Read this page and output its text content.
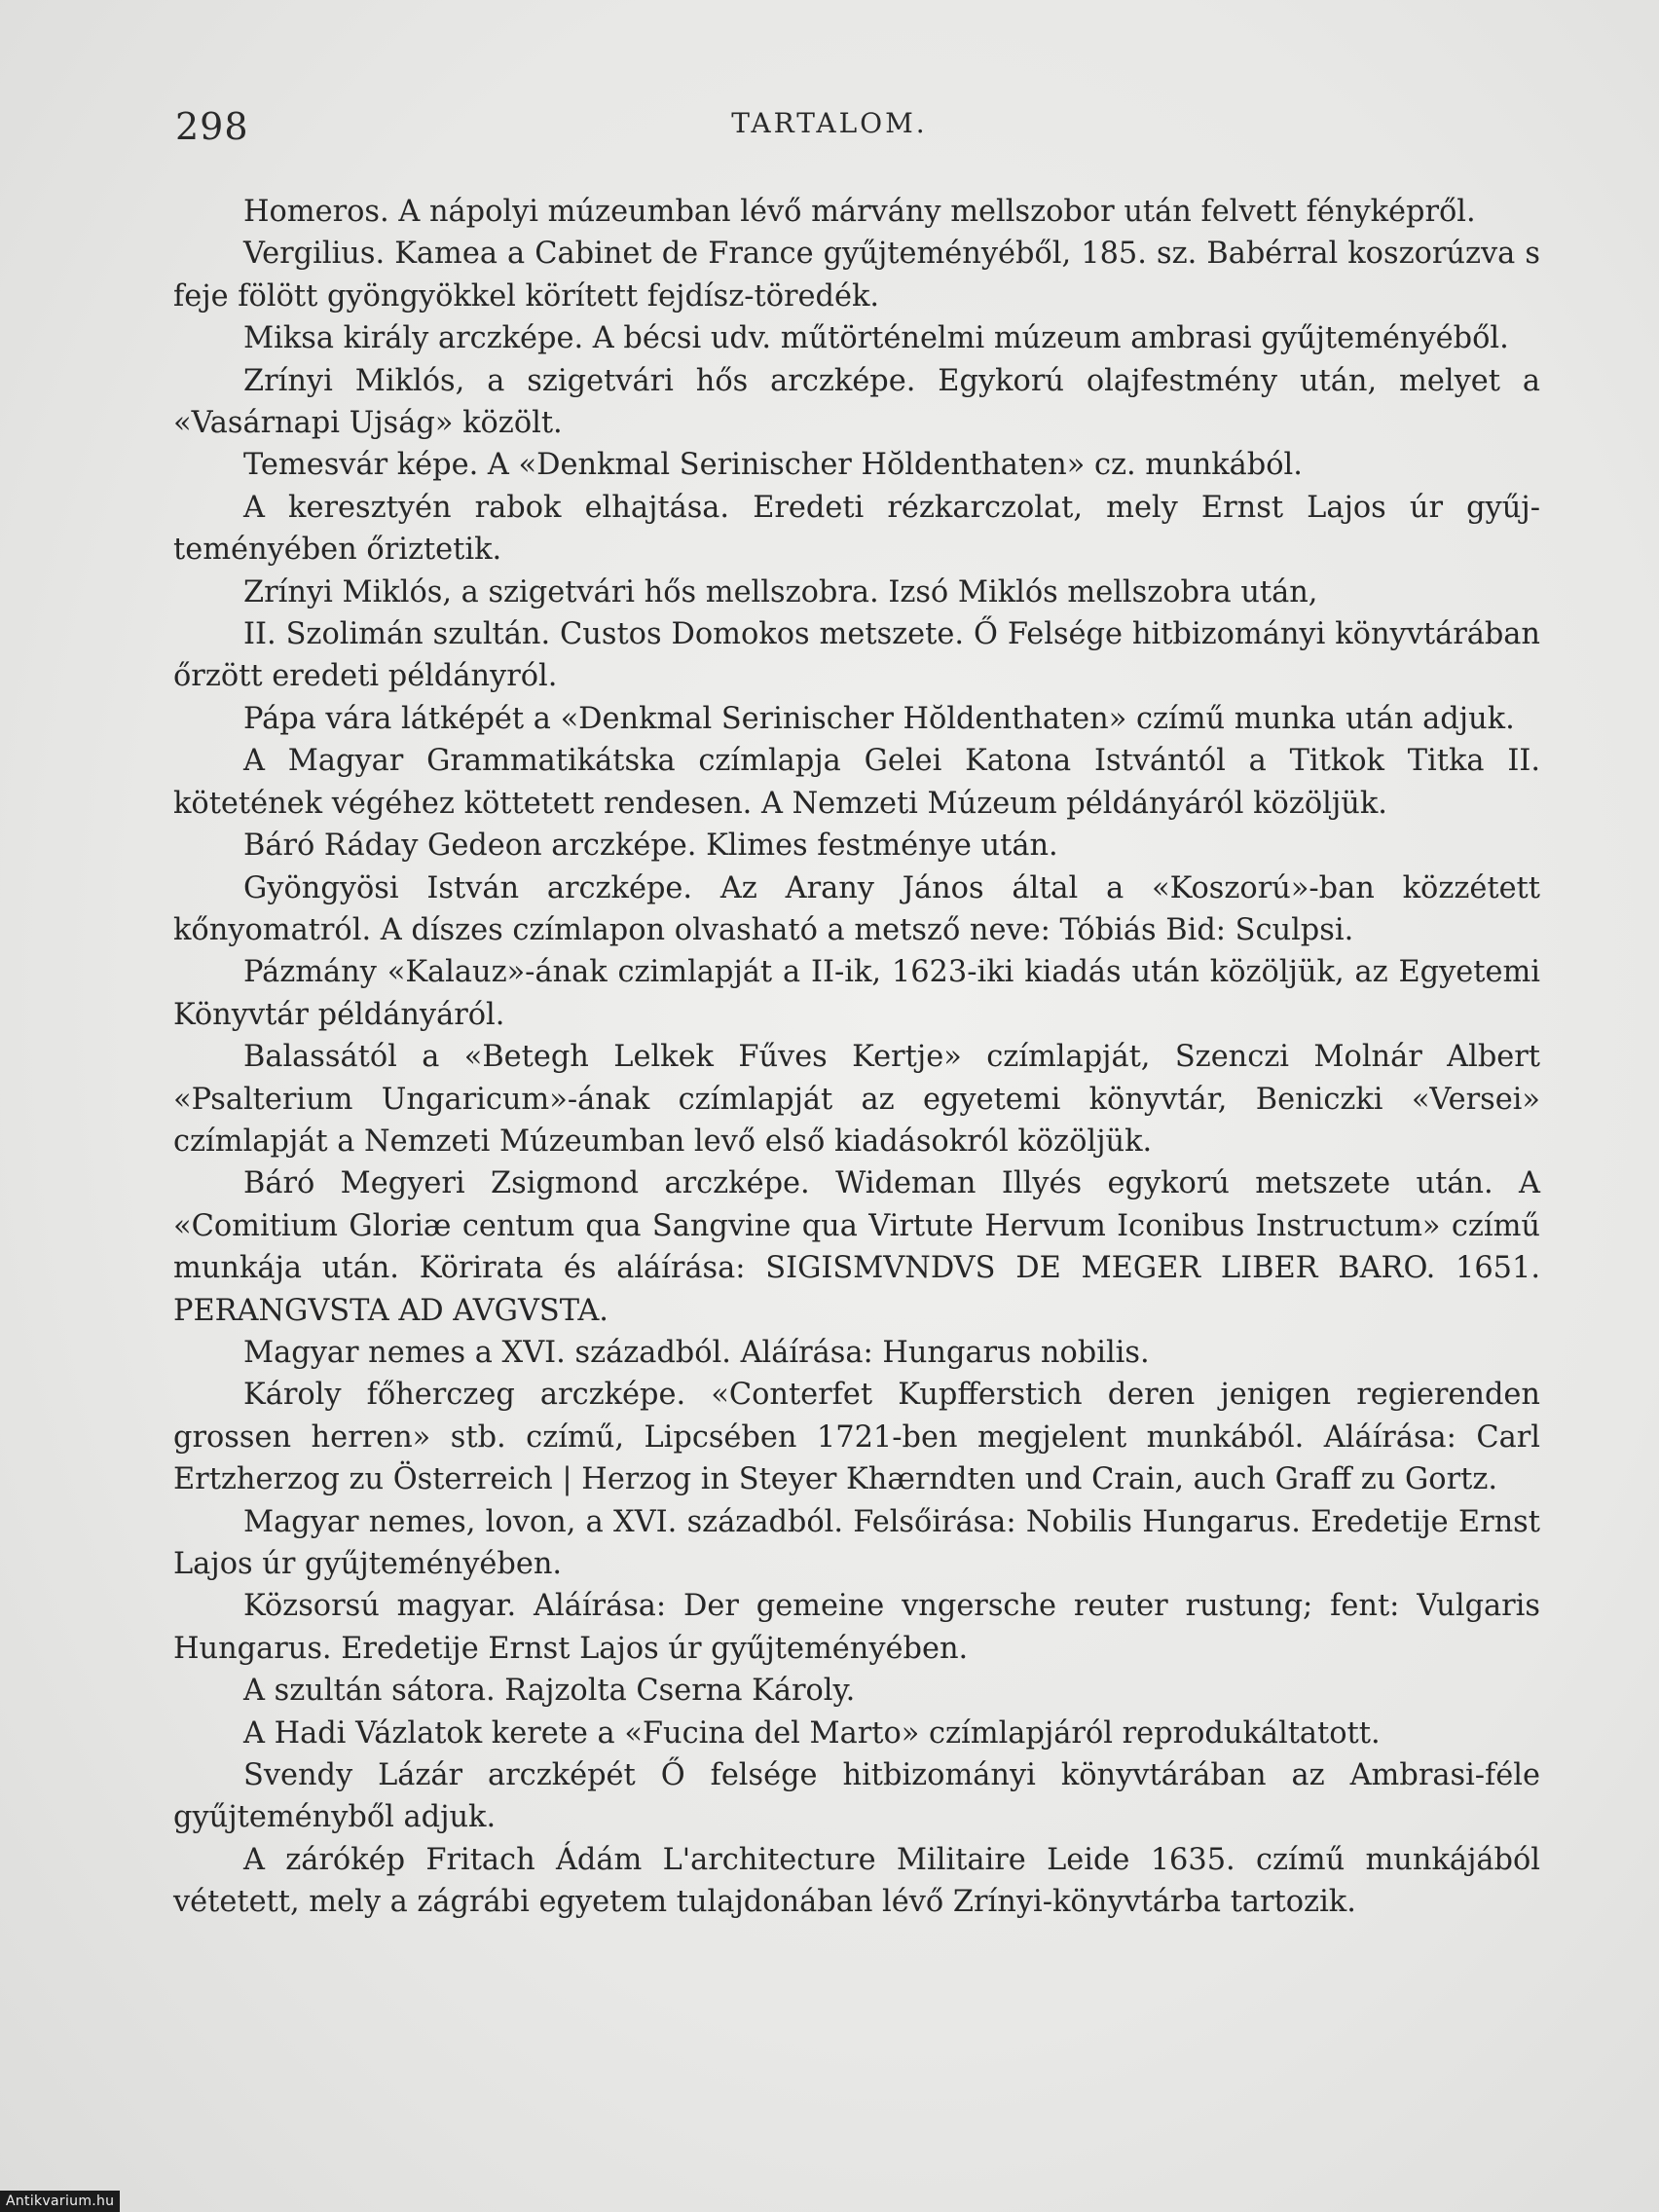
298	TARTALOM.

Homeros. A nápolyi múzeumban lévő márvány mellszobor után felvett fényképről.

Vergilius. Kamea a Cabinet de France gyűjteményéből, 185. sz. Babérral koszorúzva s feje fölött gyöngyökkel körített fejdísz-töredék.

Miksa király arczképe. A bécsi udv. műtörténelmi múzeum ambrasi gyűjteményéből.

Zrínyi Miklós, a szigetvári hős arczképe. Egykorú olajfestmény után, melyet a «Vasárnapi Ujság» közölt.

Temesvár képe. A «Denkmal Serinischer Hŏldenthaten» cz. munkából.

A keresztyén rabok elhajtása. Eredeti rézkarczolat, mely Ernst Lajos úr gyűjteményében őriztetik.

Zrínyi Miklós, a szigetvári hős mellszobra. Izsó Miklós mellszobra után,

II. Szolimán szultán. Custos Domokos metszete. Ő Felsége hitbizományi könyvtárában őrzött eredeti példányról.

Pápa vára látképét a «Denkmal Serinischer Hŏldenthaten» czímű munka után adjuk.

A Magyar Grammatikátska czímlapja Gelei Katona Istvántól a Titkok Titka II. kötetének végéhez köttetett rendesen. A Nemzeti Múzeum példányáról közöljük.

Báró Ráday Gedeon arczképe. Klimes festménye után.

Gyöngyösi István arczképe. Az Arany János által a «Koszorú»-ban közzétett kőnyomatról. A díszes czímlapon olvasható a metsző neve: Tóbiás Bid: Sculpsi.

Pázmány «Kalauz»-ának czimlapját a II-ik, 1623-iki kiadás után közöljük, az Egyetemi Könyvtár példányáról.

Balassától a «Betegh Lelkek Fűves Kertje» czímlapját, Szenczi Molnár Albert «Psalterium Ungaricum»-ának czímlapját az egyetemi könyvtár, Beniczki «Versei» czímlapját a Nemzeti Múzeumban levő első kiadásokról közöljük.

Báró Megyeri Zsigmond arczképe. Wideman Illyés egykorú metszete után. A «Comitium Gloriæ centum qua Sangvine qua Virtute Hervum Iconibus Instructum» czímű munkája után. Körirata és aláírása: SIGISMVNDVS DE MEGER LIBER BARO. 1651. PERANGVSTA AD AVGVSTA.

Magyar nemes a XVI. századból. Aláírása: Hungarus nobilis.

Károly főherczeg arczképe. «Conterfet Kupfferstich deren jenigen regierenden grossen herren» stb. czímű, Lipcsében 1721-ben megjelent munkából. Aláírása: Carl Ertzherzog zu Österreich | Herzog in Steyer Khærndten und Crain, auch Graff zu Gortz.

Magyar nemes, lovon, a XVI. századból. Felsőirása: Nobilis Hungarus. Eredetije Ernst Lajos úr gyűjteményében.

Közsorsú magyar. Aláírása: Der gemeine vngersche reuter rustung; fent: Vulgaris Hungarus. Eredetije Ernst Lajos úr gyűjteményében.

A szultán sátora. Rajzolta Cserna Károly.

A Hadi Vázlatok kerete a «Fucina del Marto» czímlapjáról reprodukáltatott.

Svendy Lázár arczképét Ő felsége hitbizományi könyvtárában az Ambrasi-féle gyűjteményből adjuk.

A zárókép Fritach Ádám L'architecture Militaire Leide 1635. czímű munkájából vétetett, mely a zágrábi egyetem tulajdonában lévő Zrínyi-könyvtárba tartozik.

Antikvarium.hu
